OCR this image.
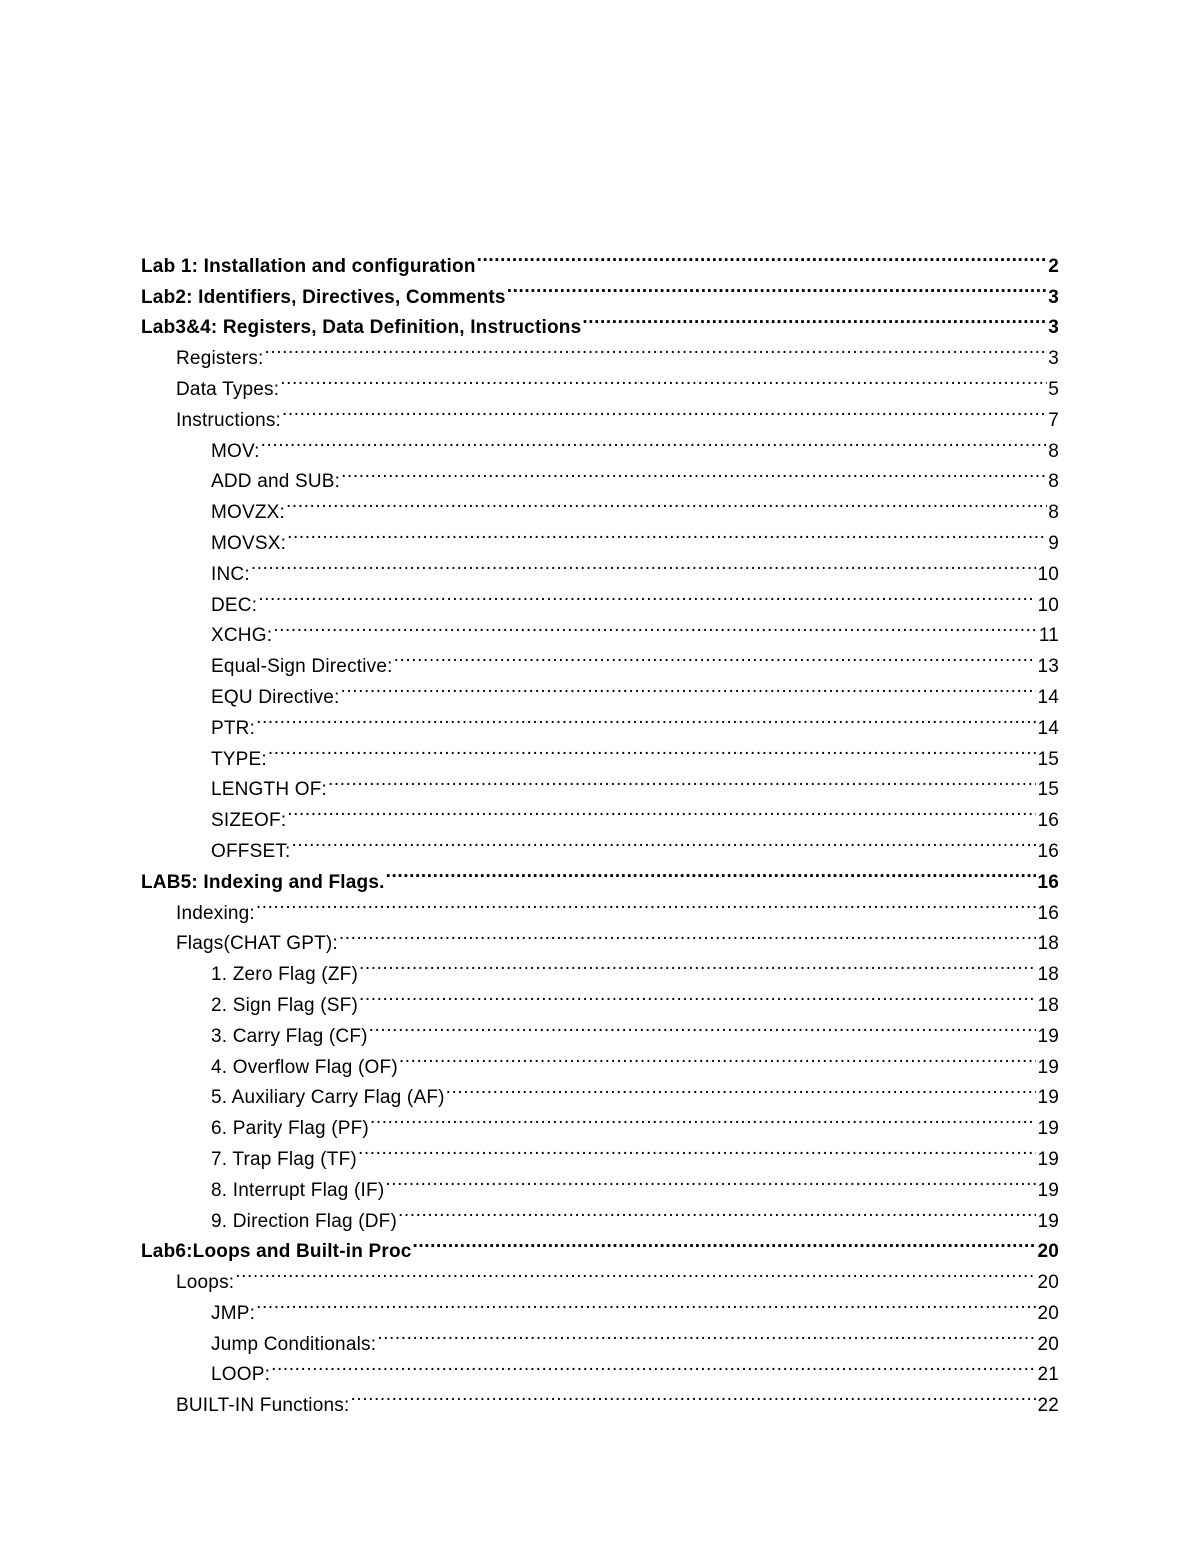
Lab 1: Installation and configuration .....	2
Lab2: Identifiers, Directives, Comments .....	3
Lab3&4: Registers, Data Definition, Instructions .....	3
Registers: .....	3
Data Types: .....	5
Instructions: .....	7
MOV: .....	8
ADD and SUB: .....	8
MOVZX: .....	8
MOVSX: .....	9
INC: .....	10
DEC: .....	10
XCHG: .....	11
Equal-Sign Directive: .....	13
EQU Directive: .....	14
PTR: .....	14
TYPE: .....	15
LENGTH OF: .....	15
SIZEOF: .....	16
OFFSET: .....	16
LAB5: Indexing and Flags. .....	16
Indexing: .....	16
Flags(CHAT GPT): .....	18
1. Zero Flag (ZF) .....	18
2. Sign Flag (SF) .....	18
3. Carry Flag (CF) .....	19
4. Overflow Flag (OF) .....	19
5. Auxiliary Carry Flag (AF) .....	19
6. Parity Flag (PF) .....	19
7. Trap Flag (TF) .....	19
8. Interrupt Flag (IF) .....	19
9. Direction Flag (DF) .....	19
Lab6:Loops and Built-in Proc .....	20
Loops: .....	20
JMP: .....	20
Jump Conditionals: .....	20
LOOP: .....	21
BUILT-IN Functions: .....	22
